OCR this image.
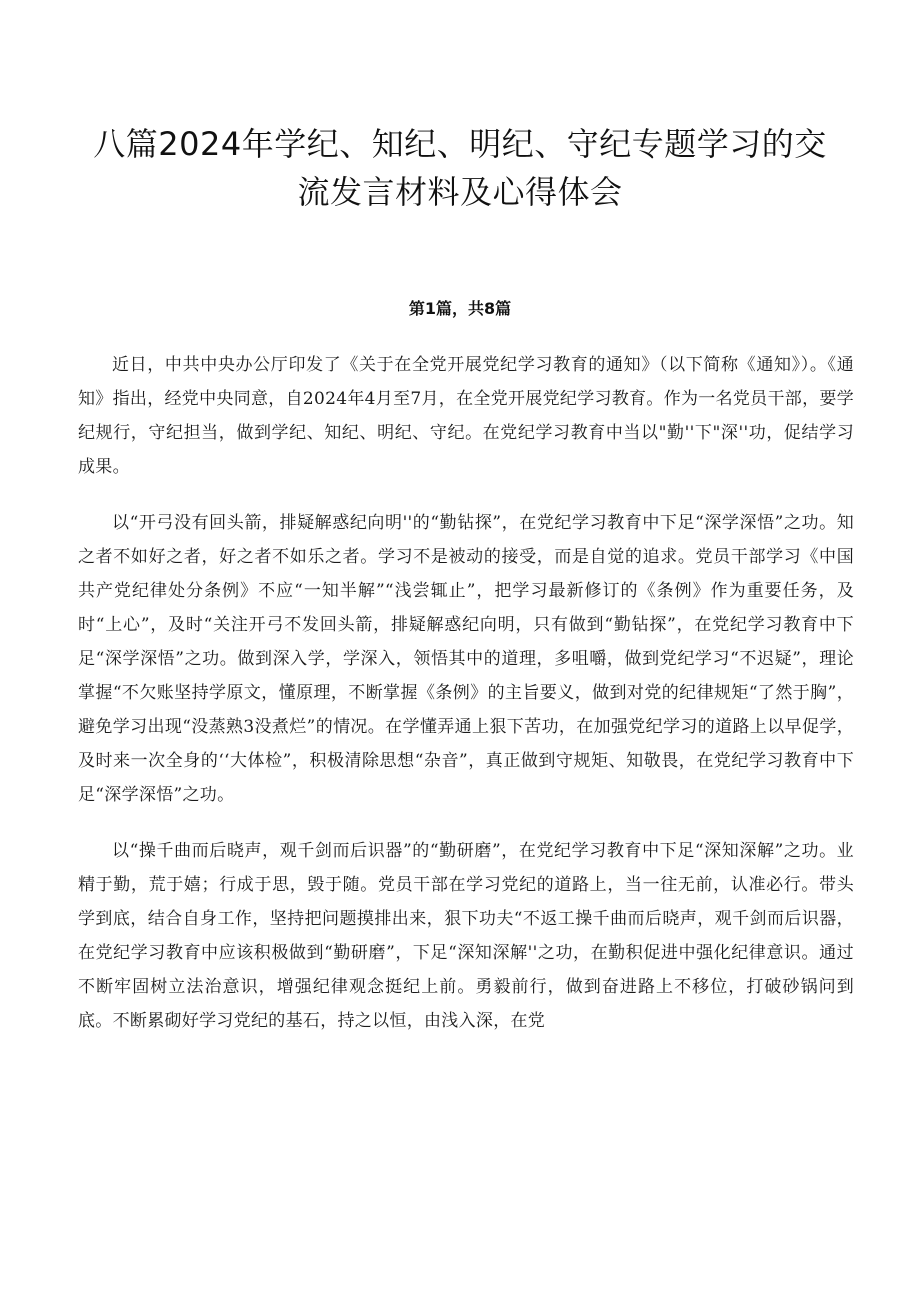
八篇2024年学纪、知纪、明纪、守纪专题学习的交
流发言材料及心得体会
第1篇，共8篇

近日，中共中央办公厅印发了《关于在全党开展党纪学习教育的通知》（以下简称《通知》）。《通知》指出，经党中央同意，自2024年4月至7月，在全党开展党纪学习教育。作为一名党员干部，要学纪规行，守纪担当，做到学纪、知纪、明纪、守纪。在党纪学习教育中当以"勤''下"深''功，促结学习成果。

以“开弓没有回头箭，排疑解惑纪向明''的“勤钻探”，在党纪学习教育中下足“深学深悟”之功。知之者不如好之者，好之者不如乐之者。学习不是被动的接受，而是自觉的追求。党员干部学习《中国共产党纪律处分条例》不应“一知半解”“浅尝辄止”，把学习最新修订的《条例》作为重要任务，及时“上心”，及时“关注开弓不发回头箭，排疑解惑纪向明，只有做到“勤钻探”，在党纪学习教育中下足“深学深悟”之功。做到深入学，学深入，领悟其中的道理，多咀嚼，做到党纪学习“不迟疑”，理论掌握“不欠账坚持学原文，懂原理，不断掌握《条例》的主旨要义，做到对党的纪律规矩“了然于胸”，避免学习出现“没蒸熟3没煮烂”的情况。在学懂弄通上狠下苦功，在加强党纪学习的道路上以早促学，及时来一次全身的‘‘大体检”，积极清除思想“杂音”，真正做到守规矩、知敬畏，在党纪学习教育中下足“深学深悟”之功。

以“操千曲而后晓声，观千剑而后识器”的“勤研磨”，在党纪学习教育中下足“深知深解”之功。业精于勤，荒于嬉；行成于思，毁于随。党员干部在学习党纪的道路上，当一往无前，认准必行。带头学到底，结合自身工作，坚持把问题摸排出来，狠下功夫“不返工操千曲而后晓声，观千剑而后识器，在党纪学习教育中应该积极做到“勤研磨”，下足“深知深解''之功，在勤积促进中强化纪律意识。通过不断牢固树立法治意识，增强纪律观念挺纪上前。勇毅前行，做到奋进路上不移位，打破砂锅问到底。不断累砌好学习党纪的基石，持之以恒，由浅入深，在党
